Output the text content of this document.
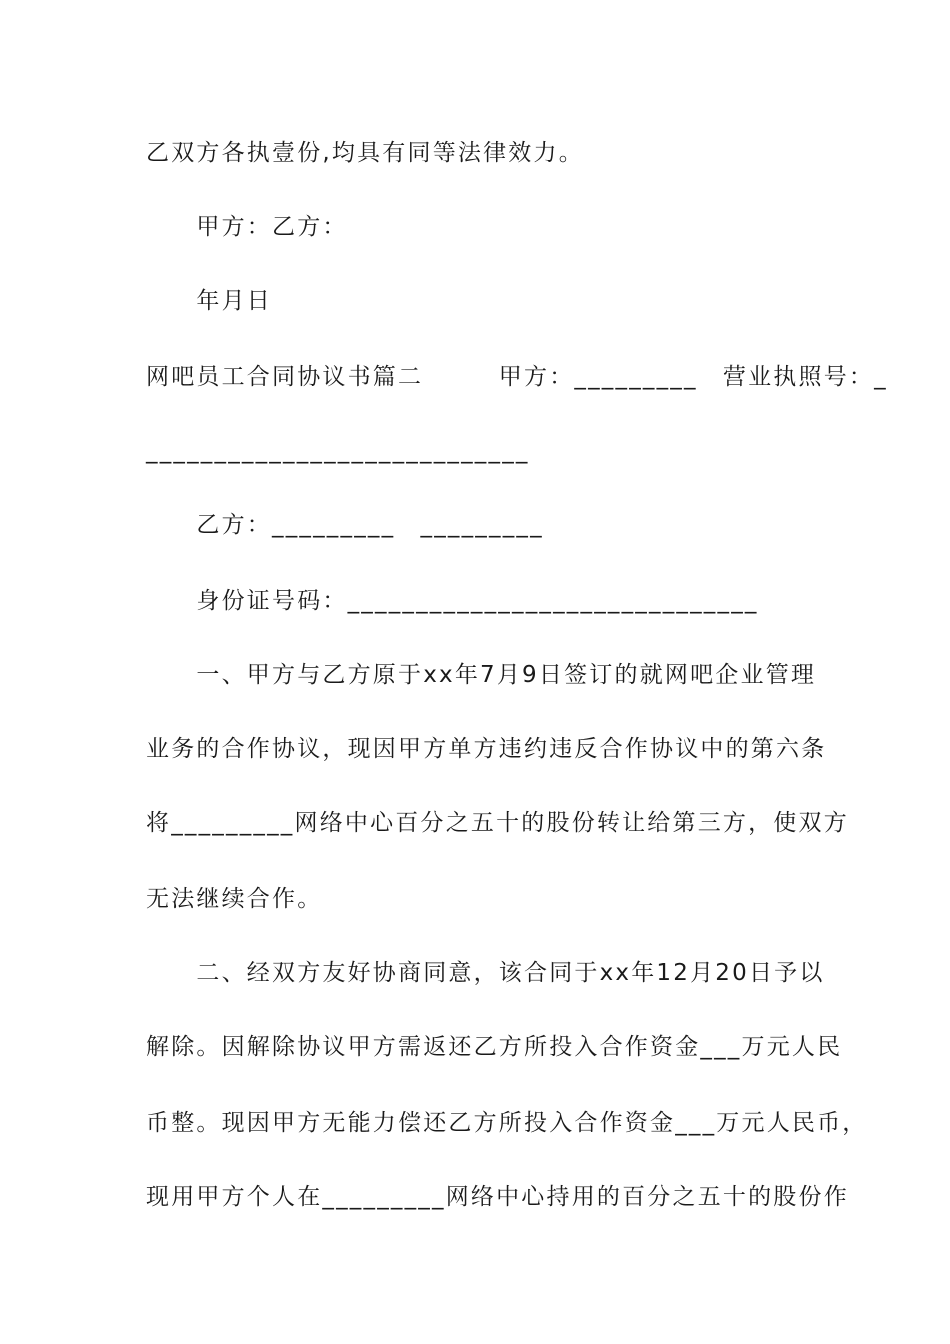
乙双方各执壹份,均具有同等法律效力。
　　甲方：乙方：
　　年月日
网吧员工合同协议书篇二　　　甲方：_________　营业执照号：_
____________________________
　　乙方：_________　_________
　　身份证号码：______________________________
　　一、甲方与乙方原于xx年7月9日签订的就网吧企业管理
业务的合作协议，现因甲方单方违约违反合作协议中的第六条
将_________网络中心百分之五十的股份转让给第三方，使双方
无法继续合作。
　　二、经双方友好协商同意，该合同于xx年12月20日予以
解除。因解除协议甲方需返还乙方所投入合作资金___万元人民
币整。现因甲方无能力偿还乙方所投入合作资金___万元人民币，
现用甲方个人在_________网络中心持用的百分之五十的股份作
